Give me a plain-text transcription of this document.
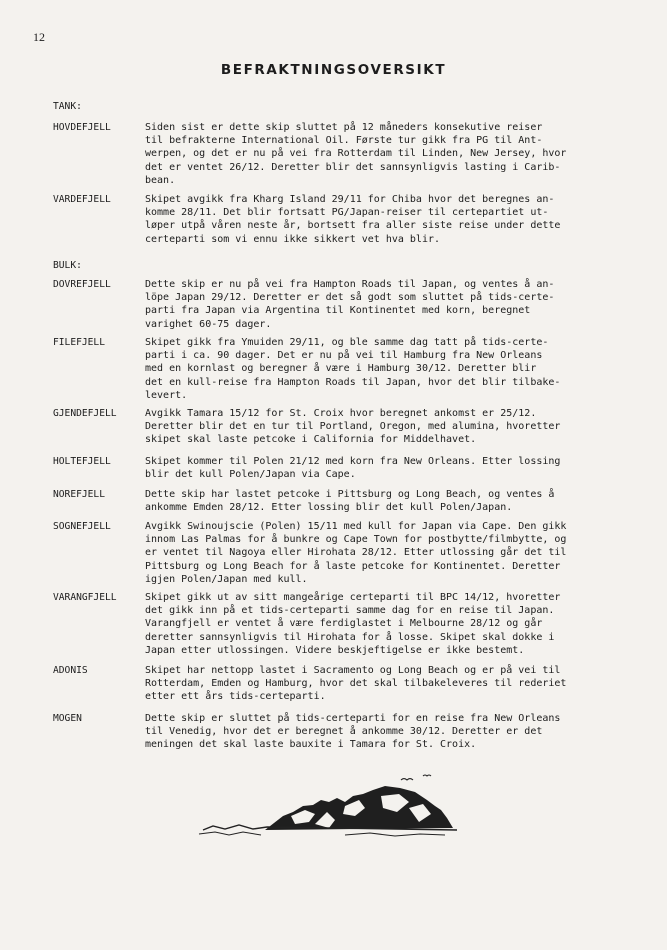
12
BEFRAKTNINGSOVERSIKT
TANK:
HOVDEFJELL	Siden sist er dette skip sluttet på 12 måneders konsekutive reiser
til befrakterne International Oil. Første tur gikk fra PG til Ant-
werpen, og det er nu på vei fra Rotterdam til Linden, New Jersey, hvor
det er ventet 26/12. Deretter blir det sannsynligvis lasting i Carib-
bean.
VARDEFJELL	Skipet avgikk fra Kharg Island 29/11 for Chiba hvor det beregnes an-
komme 28/11. Det blir fortsatt PG/Japan-reiser til certepartiet ut-
løper utpå våren neste år, bortsett fra aller siste reise under dette
certeparti som vi ennu ikke sikkert vet hva blir.
BULK:
DOVREFJELL	Dette skip er nu på vei fra Hampton Roads til Japan, og ventes å an-
löpe Japan 29/12. Deretter er det så godt som sluttet på tids-certe-
parti fra Japan via Argentina til Kontinentet med korn, beregnet
varighet 60-75 dager.
FILEFJELL	Skipet gikk fra Ymuiden 29/11, og ble samme dag tatt på tids-certe-
parti i ca. 90 dager. Det er nu på vei til Hamburg fra New Orleans
med en kornlast og beregner å være i Hamburg 30/12. Deretter blir
det en kull-reise fra Hampton Roads til Japan, hvor det blir tilbake-
levert.
GJENDEFJELL	Avgikk Tamara 15/12 for St. Croix hvor beregnet ankomst er 25/12.
Deretter blir det en tur til Portland, Oregon, med alumina, hvoretter
skipet skal laste petcoke i California for Middelhavet.
HOLTEFJELL	Skipet kommer til Polen 21/12 med korn fra New Orleans. Etter lossing
blir det kull Polen/Japan via Cape.
NOREFJELL	Dette skip har lastet petcoke i Pittsburg og Long Beach, og ventes å
ankomme Emden 28/12. Etter lossing blir det kull Polen/Japan.
SOGNEFJELL	Avgikk Swinoujscie (Polen) 15/11 med kull for Japan via Cape. Den gikk
innom Las Palmas for å bunkre og Cape Town for postbytte/filmbytte, og
er ventet til Nagoya eller Hirohata 28/12. Etter utlossing går det til
Pittsburg og Long Beach for å laste petcoke for Kontinentet. Deretter
igjen Polen/Japan med kull.
VARANGFJELL	Skipet gikk ut av sitt mangeårige certeparti til BPC 14/12, hvoretter
det gikk inn på et tids-certeparti samme dag for en reise til Japan.
Varangfjell er ventet å være ferdiglastet i Melbourne 28/12 og går
deretter sannsynligvis til Hirohata for å losse. Skipet skal dokke i
Japan etter utlossingen. Videre beskjeftigelse er ikke bestemt.
ADONIS	Skipet har nettopp lastet i Sacramento og Long Beach og er på vei til
Rotterdam, Emden og Hamburg, hvor det skal tilbakeleveres til rederiet
etter ett års tids-certeparti.
MOGEN	Dette skip er sluttet på tids-certeparti for en reise fra New Orleans
til Venedig, hvor det er beregnet å ankomme 30/12. Deretter er det
meningen det skal laste bauxite i Tamara for St. Croix.
